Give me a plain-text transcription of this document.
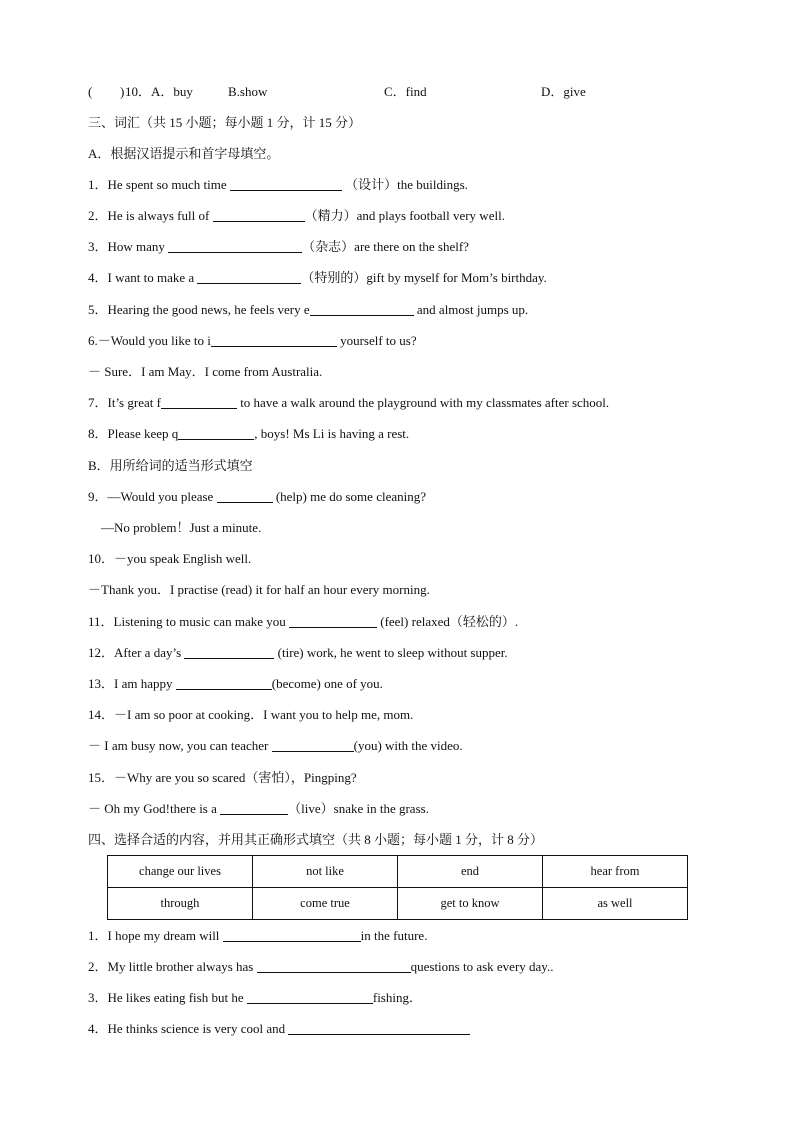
( ) 10．A．buy	B.show	C．find	D．give
三、词汇（共 15 小题；每小题 1 分，计 15 分）
A．根据汉语提示和首字母填空。
1．He spent so much time	（设计）the buildings.
2．He is always full of	（精力）and plays football very well.
3．How many	（杂志）are there on the shelf?
4．I want to make a	（特别的）gift by myself for Mom’s birthday.
5．Hearing the good news, he feels very e	and almost jumps up.
6.－Would you like to i	yourself to us?
－ Sure．I am May．I come from Australia.
7．It’s great f	to have a walk around the playground with my classmates after school.
8．Please keep q	, boys! Ms Li is having a rest.
B．用所给词的适当形式填空
9．—Would you please	(help) me do some cleaning?
　—No problem！Just a minute.
10．－you speak English well.
－Thank you．I practise (read) it for half an hour every morning.
11．Listening to music can make you	(feel) relaxed（轻松的）.
12．After a day’s	(tire) work, he went to sleep without supper.
13．I am happy	(become) one of you.
14．－I am so poor at cooking．I want you to help me, mom.
－ I am busy now, you can teacher	(you) with the video.
15．－Why are you so scared（害怕），Pingping?
－ Oh my God!there is a	（live）snake in the grass.
四、选择合适的内容，并用其正确形式填空（共 8 小题；每小题 1 分，计 8 分）
change our lives	not like	end	hear from
through	come true	get to know	as well
1．I hope my dream will	in the future.
2．My little brother always has	questions to ask every day..
3．He likes eating fish but he	fishing．
4．He thinks science is very cool and
